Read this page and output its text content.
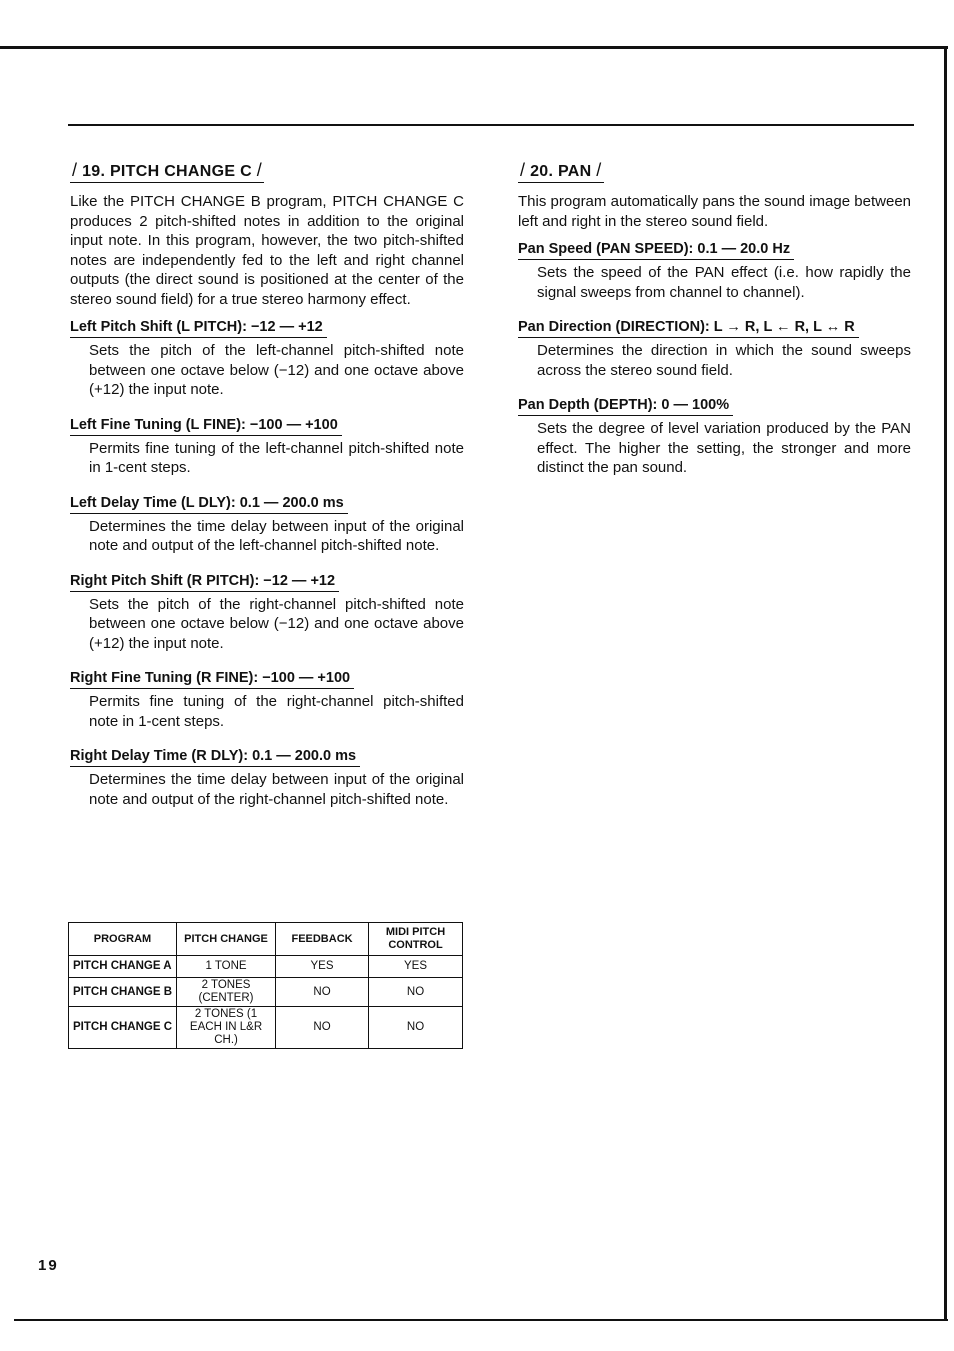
/ 19. PITCH CHANGE C /

Like the PITCH CHANGE B program, PITCH CHANGE C produces 2 pitch-shifted notes in addition to the original input note. In this program, however, the two pitch-shifted notes are independently fed to the left and right channel outputs (the direct sound is positioned at the center of the stereo sound field) for a true stereo harmony effect.

Left Pitch Shift (L PITCH): −12 — +12

Sets the pitch of the left-channel pitch-shifted note between one octave below (−12) and one octave above (+12) the input note.

Left Fine Tuning (L FINE): −100 — +100

Permits fine tuning of the left-channel pitch-shifted note in 1-cent steps.

Left Delay Time (L DLY): 0.1 — 200.0 ms

Determines the time delay between input of the original note and output of the left-channel pitch-shifted note.

Right Pitch Shift (R PITCH): −12 — +12

Sets the pitch of the right-channel pitch-shifted note between one octave below (−12) and one octave above (+12) the input note.

Right Fine Tuning (R FINE): −100 — +100

Permits fine tuning of the right-channel pitch-shifted note in 1-cent steps.

Right Delay Time (R DLY): 0.1 — 200.0 ms

Determines the time delay between input of the original note and output of the right-channel pitch-shifted note.

PROGRAM	PITCH CHANGE	FEEDBACK	MIDI PITCH CONTROL
PITCH CHANGE A	1 TONE	YES	YES
PITCH CHANGE B	2 TONES (CENTER)	NO	NO
PITCH CHANGE C	2 TONES (1 EACH IN L&R CH.)	NO	NO
/ 20. PAN /

This program automatically pans the sound image between left and right in the stereo sound field.

Pan Speed (PAN SPEED): 0.1 — 20.0 Hz

Sets the speed of the PAN effect (i.e. how rapidly the signal sweeps from channel to channel).

Pan Direction (DIRECTION): L → R, L ← R, L ↔ R

Determines the direction in which the sound sweeps across the stereo sound field.

Pan Depth (DEPTH): 0 — 100%

Sets the degree of level variation produced by the PAN effect. The higher the setting, the stronger and more distinct the pan sound.

19
